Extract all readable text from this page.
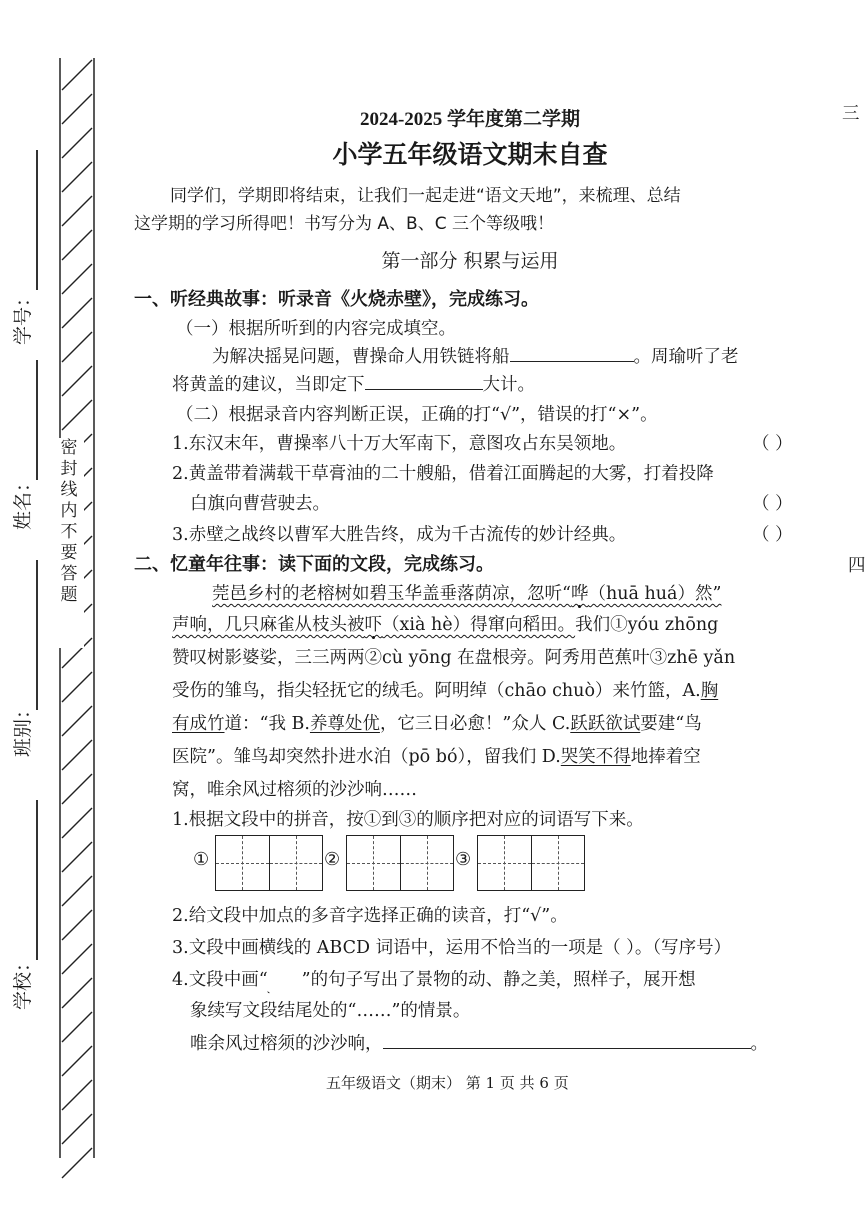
学校：
班别：
姓名：
学号：
密
封
线
内
不
要
答
题
三
四
2024-2025 学年度第二学期
小学五年级语文期末自查
同学们，学期即将结束，让我们一起走进“语文天地”，来梳理、总结
这学期的学习所得吧！书写分为 A、B、C 三个等级哦！
第一部分 积累与运用
一、听经典故事：听录音《火烧赤壁》，完成练习。
（一）根据所听到的内容完成填空。
为解决摇晃问题，曹操命人用铁链将船	。周瑜听了老
将黄盖的建议，当即定下	大计。
（二）根据录音内容判断正误，正确的打“√”，错误的打“×”。
1.东汉末年，曹操率八十万大军南下，意图攻占东吴领地。	（ ）
2.黄盖带着满载干草膏油的二十艘船，借着江面腾起的大雾，打着投降
白旗向曹营驶去。	（ ）
3.赤壁之战终以曹军大胜告终，成为千古流传的妙计经典。	（ ）
二、忆童年往事：读下面的文段，完成练习。
莞邑乡村的老榕树如碧玉华盖垂落荫凉，忽听“哗（huā huá）然”
声响，几只麻雀从枝头被吓（xià hè）得窜向稻田。我们①yóu zhōng
赞叹树影婆娑，三三两两②cù yōng 在盘根旁。阿秀用芭蕉叶③zhē yǎn
受伤的雏鸟，指尖轻抚它的绒毛。阿明绰（chāo chuò）来竹篮，A.胸
有成竹道：“我 B.养尊处优，它三日必愈！”众人 C.跃跃欲试要建“鸟
医院”。雏鸟却突然扑进水泊（pō bó），留我们 D.哭笑不得地捧着空
窝，唯余风过榕须的沙沙响……
1.根据文段中的拼音，按①到③的顺序把对应的词语写下来。
①	②	③
2.给文段中加点的多音字选择正确的读音，打“√”。
3.文段中画横线的 ABCD 词语中，运用不恰当的一项是（ ）。（写序号）
4.文段中画“  ”的句子写出了景物的动、静之美，照样子，展开想
象续写文段结尾处的“……”的情景。
唯余风过榕须的沙沙响，	。
五年级语文（期末） 第 1 页 共 6 页
